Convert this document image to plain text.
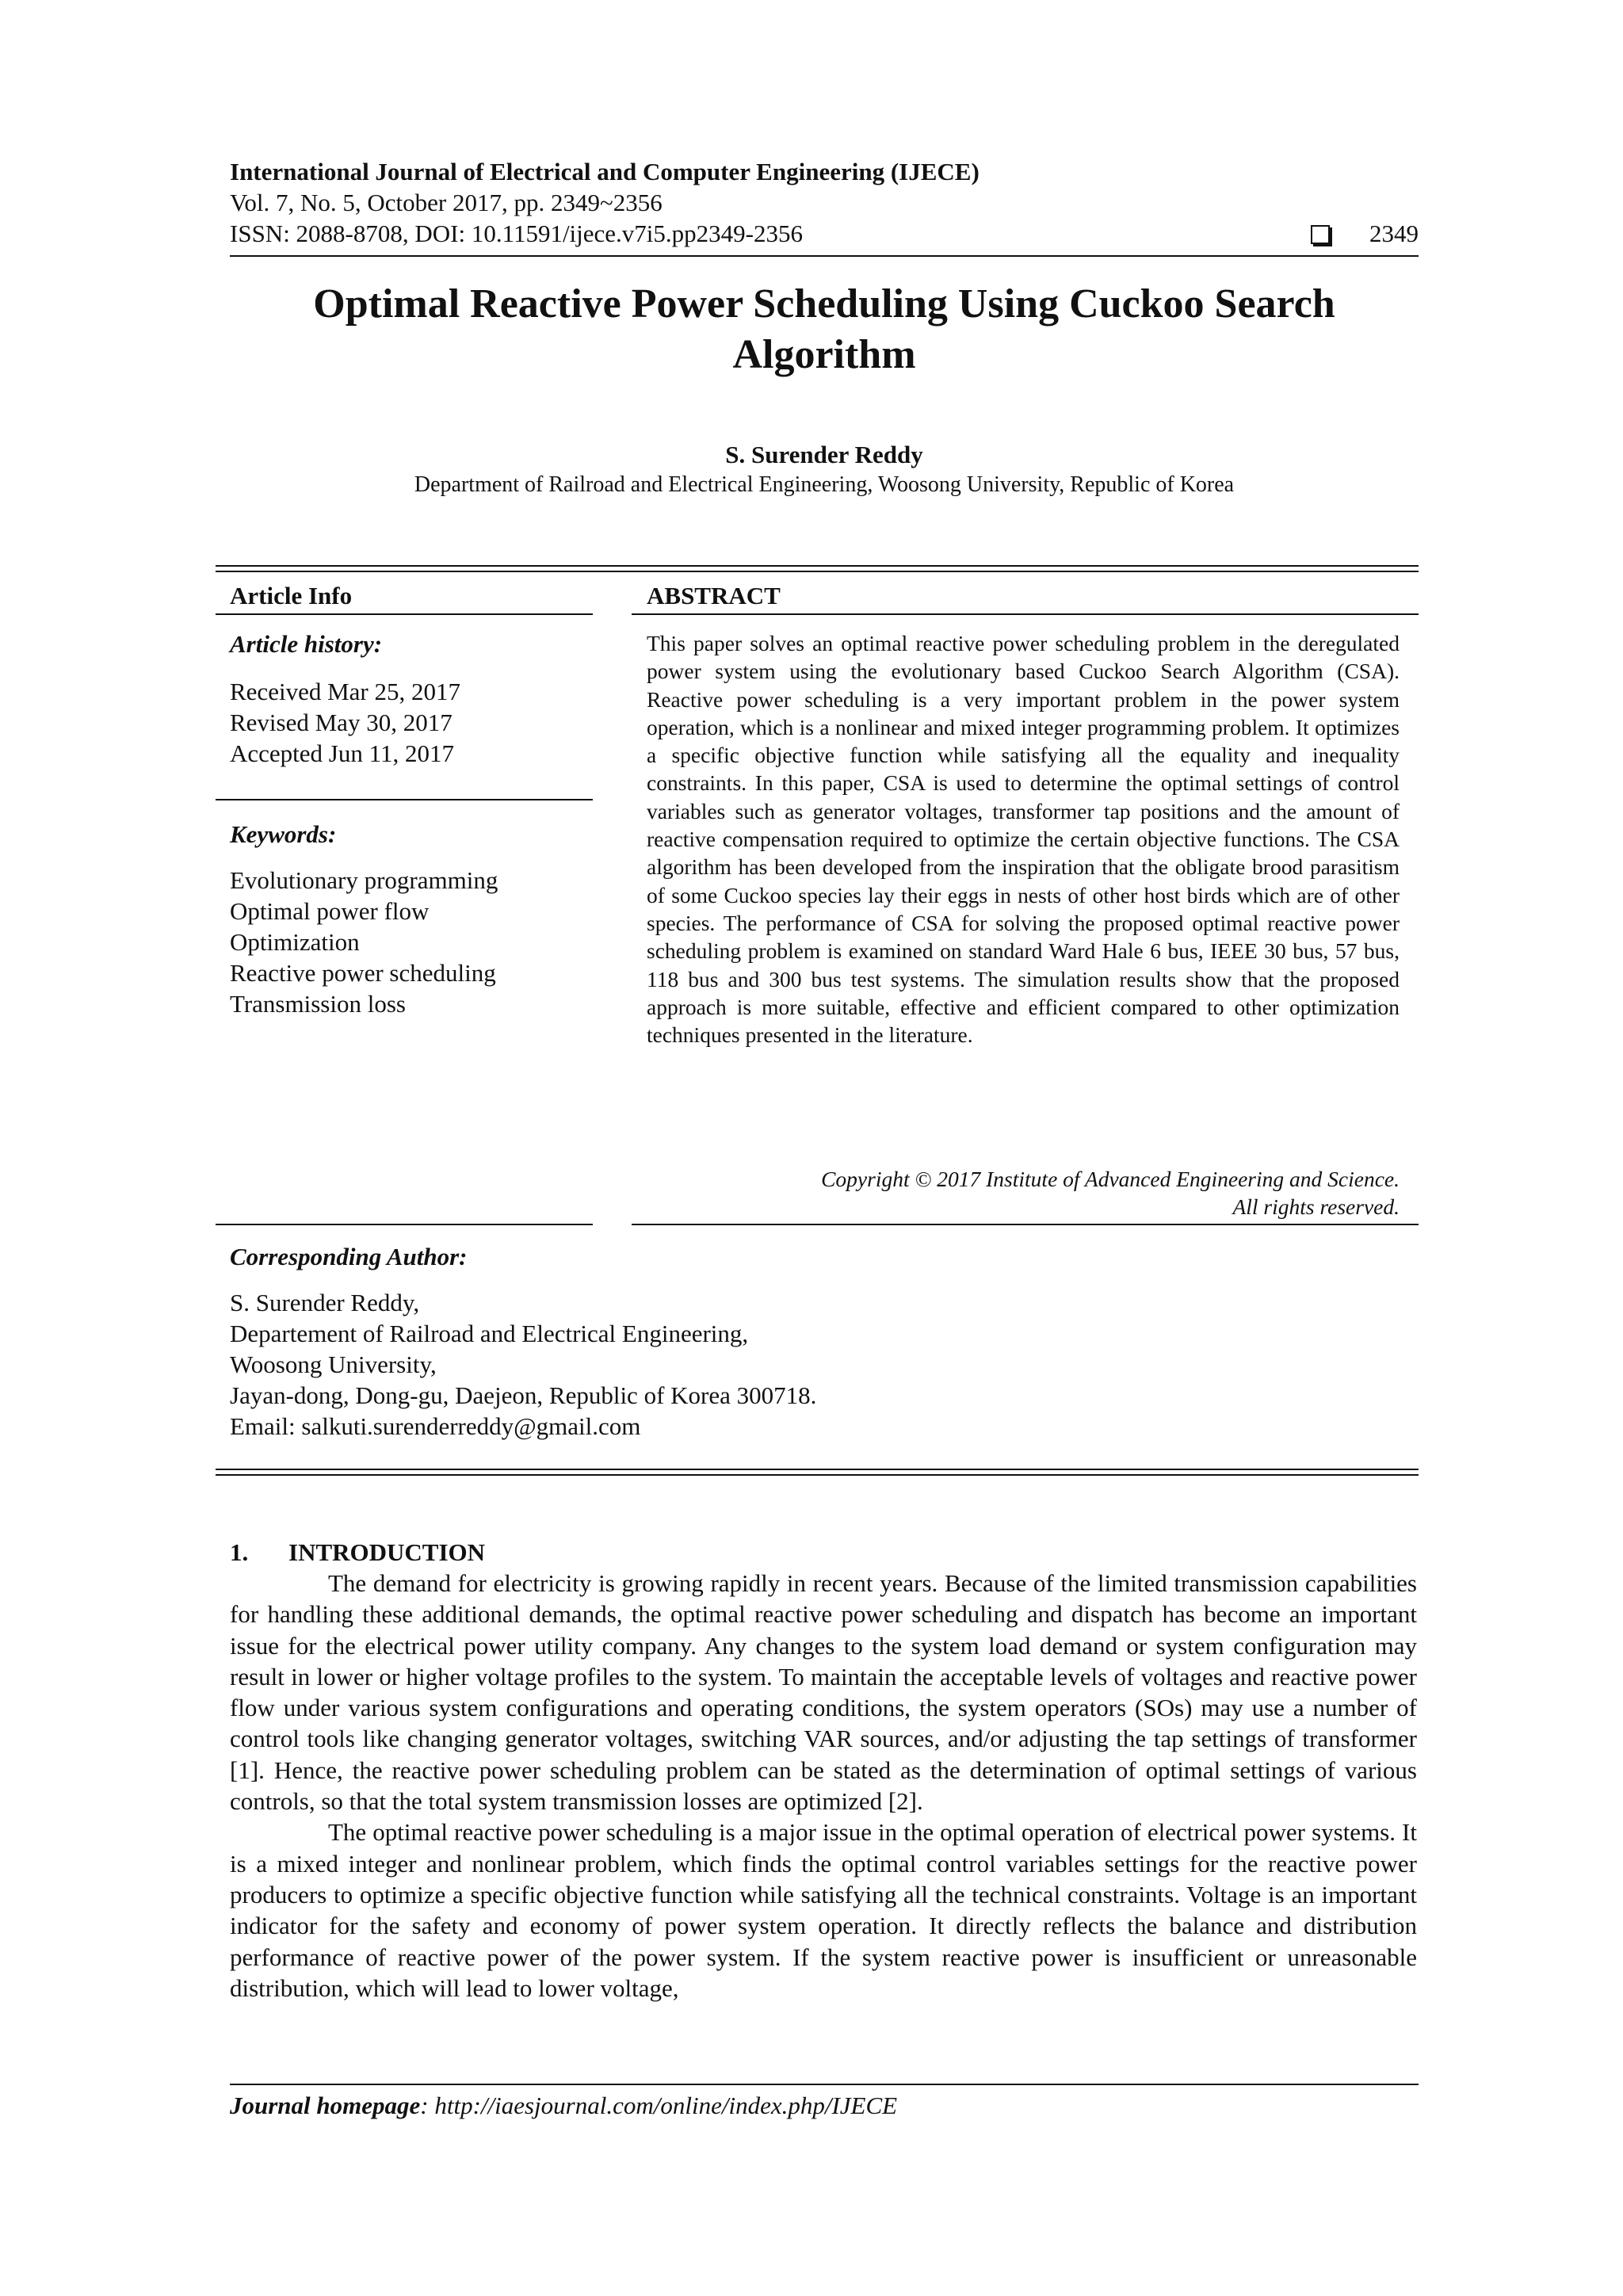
International Journal of Electrical and Computer Engineering (IJECE)
Vol. 7, No. 5, October 2017, pp. 2349~2356
ISSN: 2088-8708, DOI: 10.11591/ijece.v7i5.pp2349-2356	2349
Optimal Reactive Power Scheduling Using Cuckoo Search
Algorithm
S. Surender Reddy
Department of Railroad and Electrical Engineering, Woosong University, Republic of Korea
Article Info
Article history:
Received Mar 25, 2017
Revised May 30, 2017
Accepted Jun 11, 2017
Keywords:
Evolutionary programming
Optimal power flow
Optimization
Reactive power scheduling
Transmission loss
ABSTRACT
This paper solves an optimal reactive power scheduling problem in the deregulated power system using the evolutionary based Cuckoo Search Algorithm (CSA). Reactive power scheduling is a very important problem in the power system operation, which is a nonlinear and mixed integer programming problem. It optimizes a specific objective function while satisfying all the equality and inequality constraints. In this paper, CSA is used to determine the optimal settings of control variables such as generator voltages, transformer tap positions and the amount of reactive compensation required to optimize the certain objective functions. The CSA algorithm has been developed from the inspiration that the obligate brood parasitism of some Cuckoo species lay their eggs in nests of other host birds which are of other species. The performance of CSA for solving the proposed optimal reactive power scheduling problem is examined on standard Ward Hale 6 bus, IEEE 30 bus, 57 bus, 118 bus and 300 bus test systems. The simulation results show that the proposed approach is more suitable, effective and efficient compared to other optimization techniques presented in the literature.
Copyright © 2017 Institute of Advanced Engineering and Science.
All rights reserved.
Corresponding Author:
S. Surender Reddy,
Departement of Railroad and Electrical Engineering,
Woosong University,
Jayan-dong, Dong-gu, Daejeon, Republic of Korea 300718.
Email: salkuti.surenderreddy@gmail.com
1. INTRODUCTION

The demand for electricity is growing rapidly in recent years. Because of the limited transmission capabilities for handling these additional demands, the optimal reactive power scheduling and dispatch has become an important issue for the electrical power utility company. Any changes to the system load demand or system configuration may result in lower or higher voltage profiles to the system. To maintain the acceptable levels of voltages and reactive power flow under various system configurations and operating conditions, the system operators (SOs) may use a number of control tools like changing generator voltages, switching VAR sources, and/or adjusting the tap settings of transformer [1]. Hence, the reactive power scheduling problem can be stated as the determination of optimal settings of various controls, so that the total system transmission losses are optimized [2].

The optimal reactive power scheduling is a major issue in the optimal operation of electrical power systems. It is a mixed integer and nonlinear problem, which finds the optimal control variables settings for the reactive power producers to optimize a specific objective function while satisfying all the technical constraints. Voltage is an important indicator for the safety and economy of power system operation. It directly reflects the balance and distribution performance of reactive power of the power system. If the system reactive power is insufficient or unreasonable distribution, which will lead to lower voltage,

Journal homepage: http://iaesjournal.com/online/index.php/IJECE
